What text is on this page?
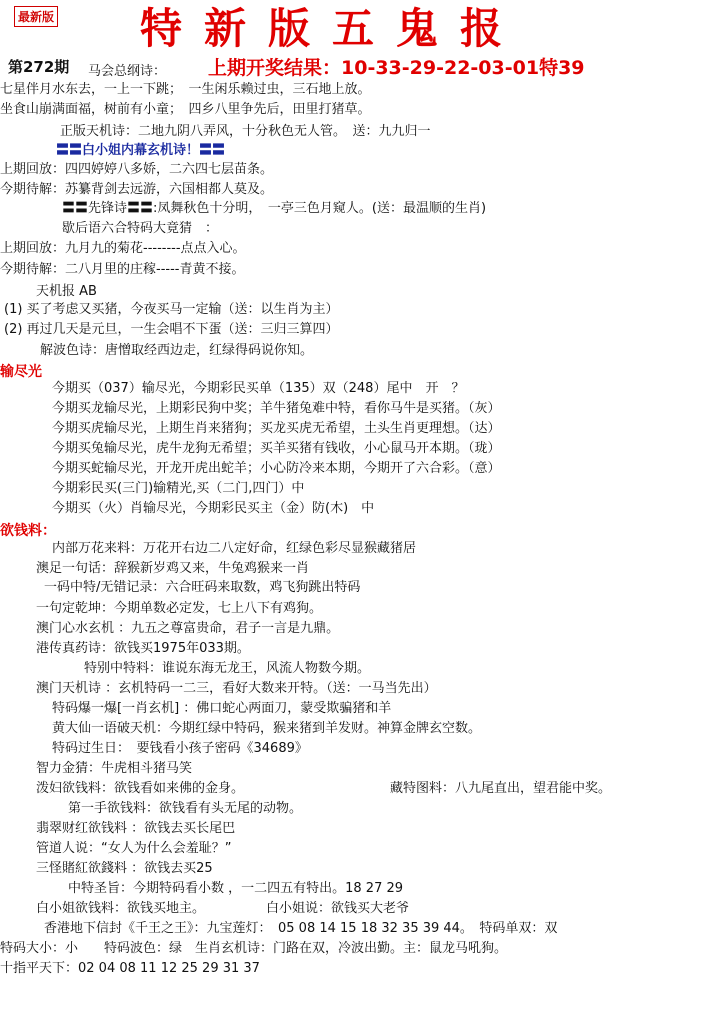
最新版 特新版五鬼报
第272期	上期开奖结果：10-33-29-22-03-01特39
马会总纲诗：
七星伴月水东去，一上一下跳；　一生闲乐赖过虫，三石地上放。
坐食山崩满面福，树前有小童；　四乡八里争先后，田里打猪草。
正版天机诗：二地九阴八弄风，十分秋色无人管。　送：九九归一
〓〓白小姐内幕玄机诗！〓〓
上期回放：四四婷婷八多娇，二六四七层苗条。
今期待解：苏纂背剑去远游，六国相都人莫及。
〓〓先锋诗〓〓:凤舞秋色十分明，　一亭三色月窥人。(送：最温顺的生肖)
歇后语六合特码大竟猜　：
上期回放：九月九的菊花--------点点入心。
今期待解：二八月里的庄稼-----青黄不接。
天机报 AB
(1) 买了考虑又买猪，今夜买马一定输（送：以生肖为主）
(2) 再过几天是元旦，一生会唱不下蛋（送：三归三算四）
解波色诗：唐憎取经西边走，红绿得码说你知。
输尽光
今期买（037）输尽光，今期彩民买单（135）双（248）尾中　开　？
今期买龙输尽光，上期彩民狗中奖；羊牛猪兔难中特，看你马牛是买猪。（灰）
今期买虎输尽光，上期生肖来猪狗；买龙买虎无希望，土头生肖更理想。（达）
今期买兔输尽光，虎牛龙狗无希望；买羊买猪有钱收，小心鼠马开本期。（珑）
今期买蛇输尽光，开龙开虎出蛇羊；小心防冷来本期，今期开了六合彩。（意）
今期彩民买(三门)输精光,买（二门,四门）中
今期买（火）肖输尽光，今期彩民买主（金）防(木)　中
欲钱料：
内部万花来料：万花开右边二八定好命，红绿色彩尽显猴藏猪居
澳足一句话：辞猴新岁鸡又来，牛兔鸡猴来一肖
一码中特/无错记录：六合旺码来取数，鸡飞狗跳出特码
一句定乾坤：今期单数必定发，七上八下有鸡狗。
澳门心水玄机 ：九五之尊富贵命，君子一言是九鼎。
港传真药诗：欲钱买1975年033期。
特别中特料：谁说东海无龙王，风流人物数今期。
澳门天机诗 ：玄机特码一二三，看好大数来开特。（送：一马当先出）
特码爆一爆[一肖玄机] ：佛口蛇心两面刀，蒙受欺骗猪和羊
黄大仙一语破天机：今期红绿中特码，猴来猪到羊发财。神算金牌玄空数。
特码过生日：　要钱看小孩子密码《34689》
智力金猜：牛虎相斗猪马笑
泼妇欲钱料：欲钱看如来佛的金身。	藏特图料：八九尾直出，望君能中奖。
第一手欲钱料：欲钱看有头无尾的动物。
翡翠财红欲钱料 ：欲钱去买长尾巴
管道人说：“女人为什么会羞耻？”
三怪賭紅欲錢料 ：欲钱去买25
中特圣旨：今期特码看小数 ，一二四五有特出。18 27 29
白小姐欲钱料：欲钱买地主。	白小姐说：欲钱买大老爷
香港地下信封《千王之王》：九宝莲灯：　05 08 14 15 18 32 35 39 44。　特码单双：双
特码大小：小　　特码波色：绿　生肖玄机诗：门路在双，冷波出勤。主：鼠龙马吼狗。
十指平天下：02 04 08 11 12 25 29 31 37
